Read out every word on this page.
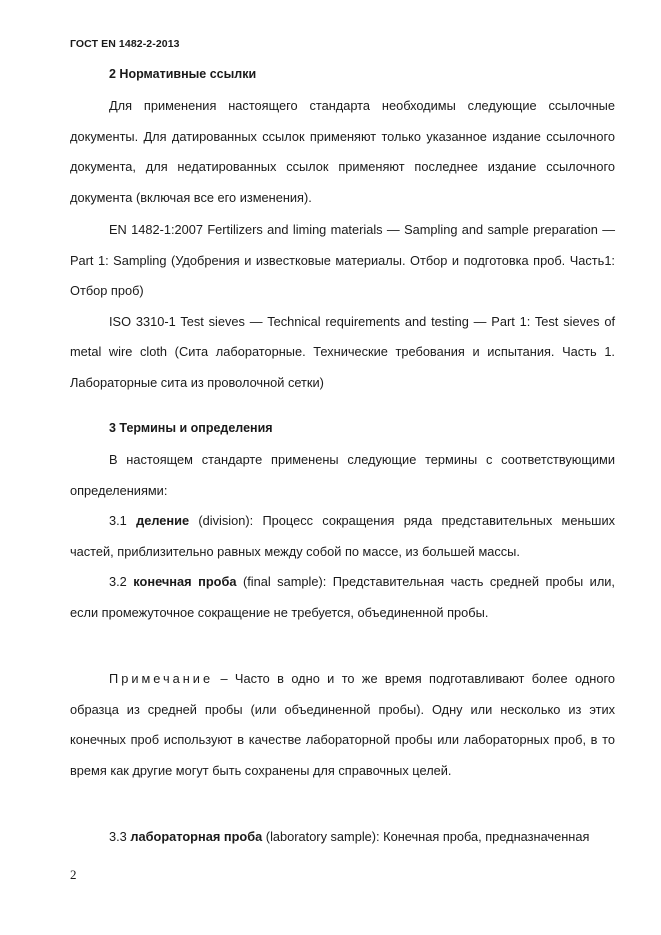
ГОСТ EN 1482-2-2013
2 Нормативные ссылки

Для применения настоящего стандарта необходимы следующие ссылочные документы. Для датированных ссылок применяют только указанное издание ссылочного документа, для недатированных ссылок применяют последнее издание ссылочного документа (включая все его изменения).

EN 1482-1:2007 Fertilizers and liming materials — Sampling and sample preparation — Part 1: Sampling (Удобрения и известковые материалы. Отбор и подготовка проб. Часть1: Отбор проб)

ISO 3310-1 Test sieves — Technical requirements and testing — Part 1: Test sieves of metal wire cloth (Сита лабораторные. Технические требования и испытания. Часть 1. Лабораторные сита из проволочной сетки)

3 Термины и определения

В настоящем стандарте применены следующие термины с соответствующими определениями:

3.1 деление (division): Процесс сокращения ряда представительных меньших частей, приблизительно равных между собой по массе, из большей массы.

3.2 конечная проба (final sample): Представительная часть средней пробы или, если промежуточное сокращение не требуется, объединенной пробы.

Примечание – Часто в одно и то же время подготавливают более одного образца из средней пробы (или объединенной пробы). Одну или несколько из этих конечных проб используют в качестве лабораторной пробы или лабораторных проб, в то время как другие могут быть сохранены для справочных целей.

3.3 лабораторная проба (laboratory sample): Конечная проба, предназначенная

2
